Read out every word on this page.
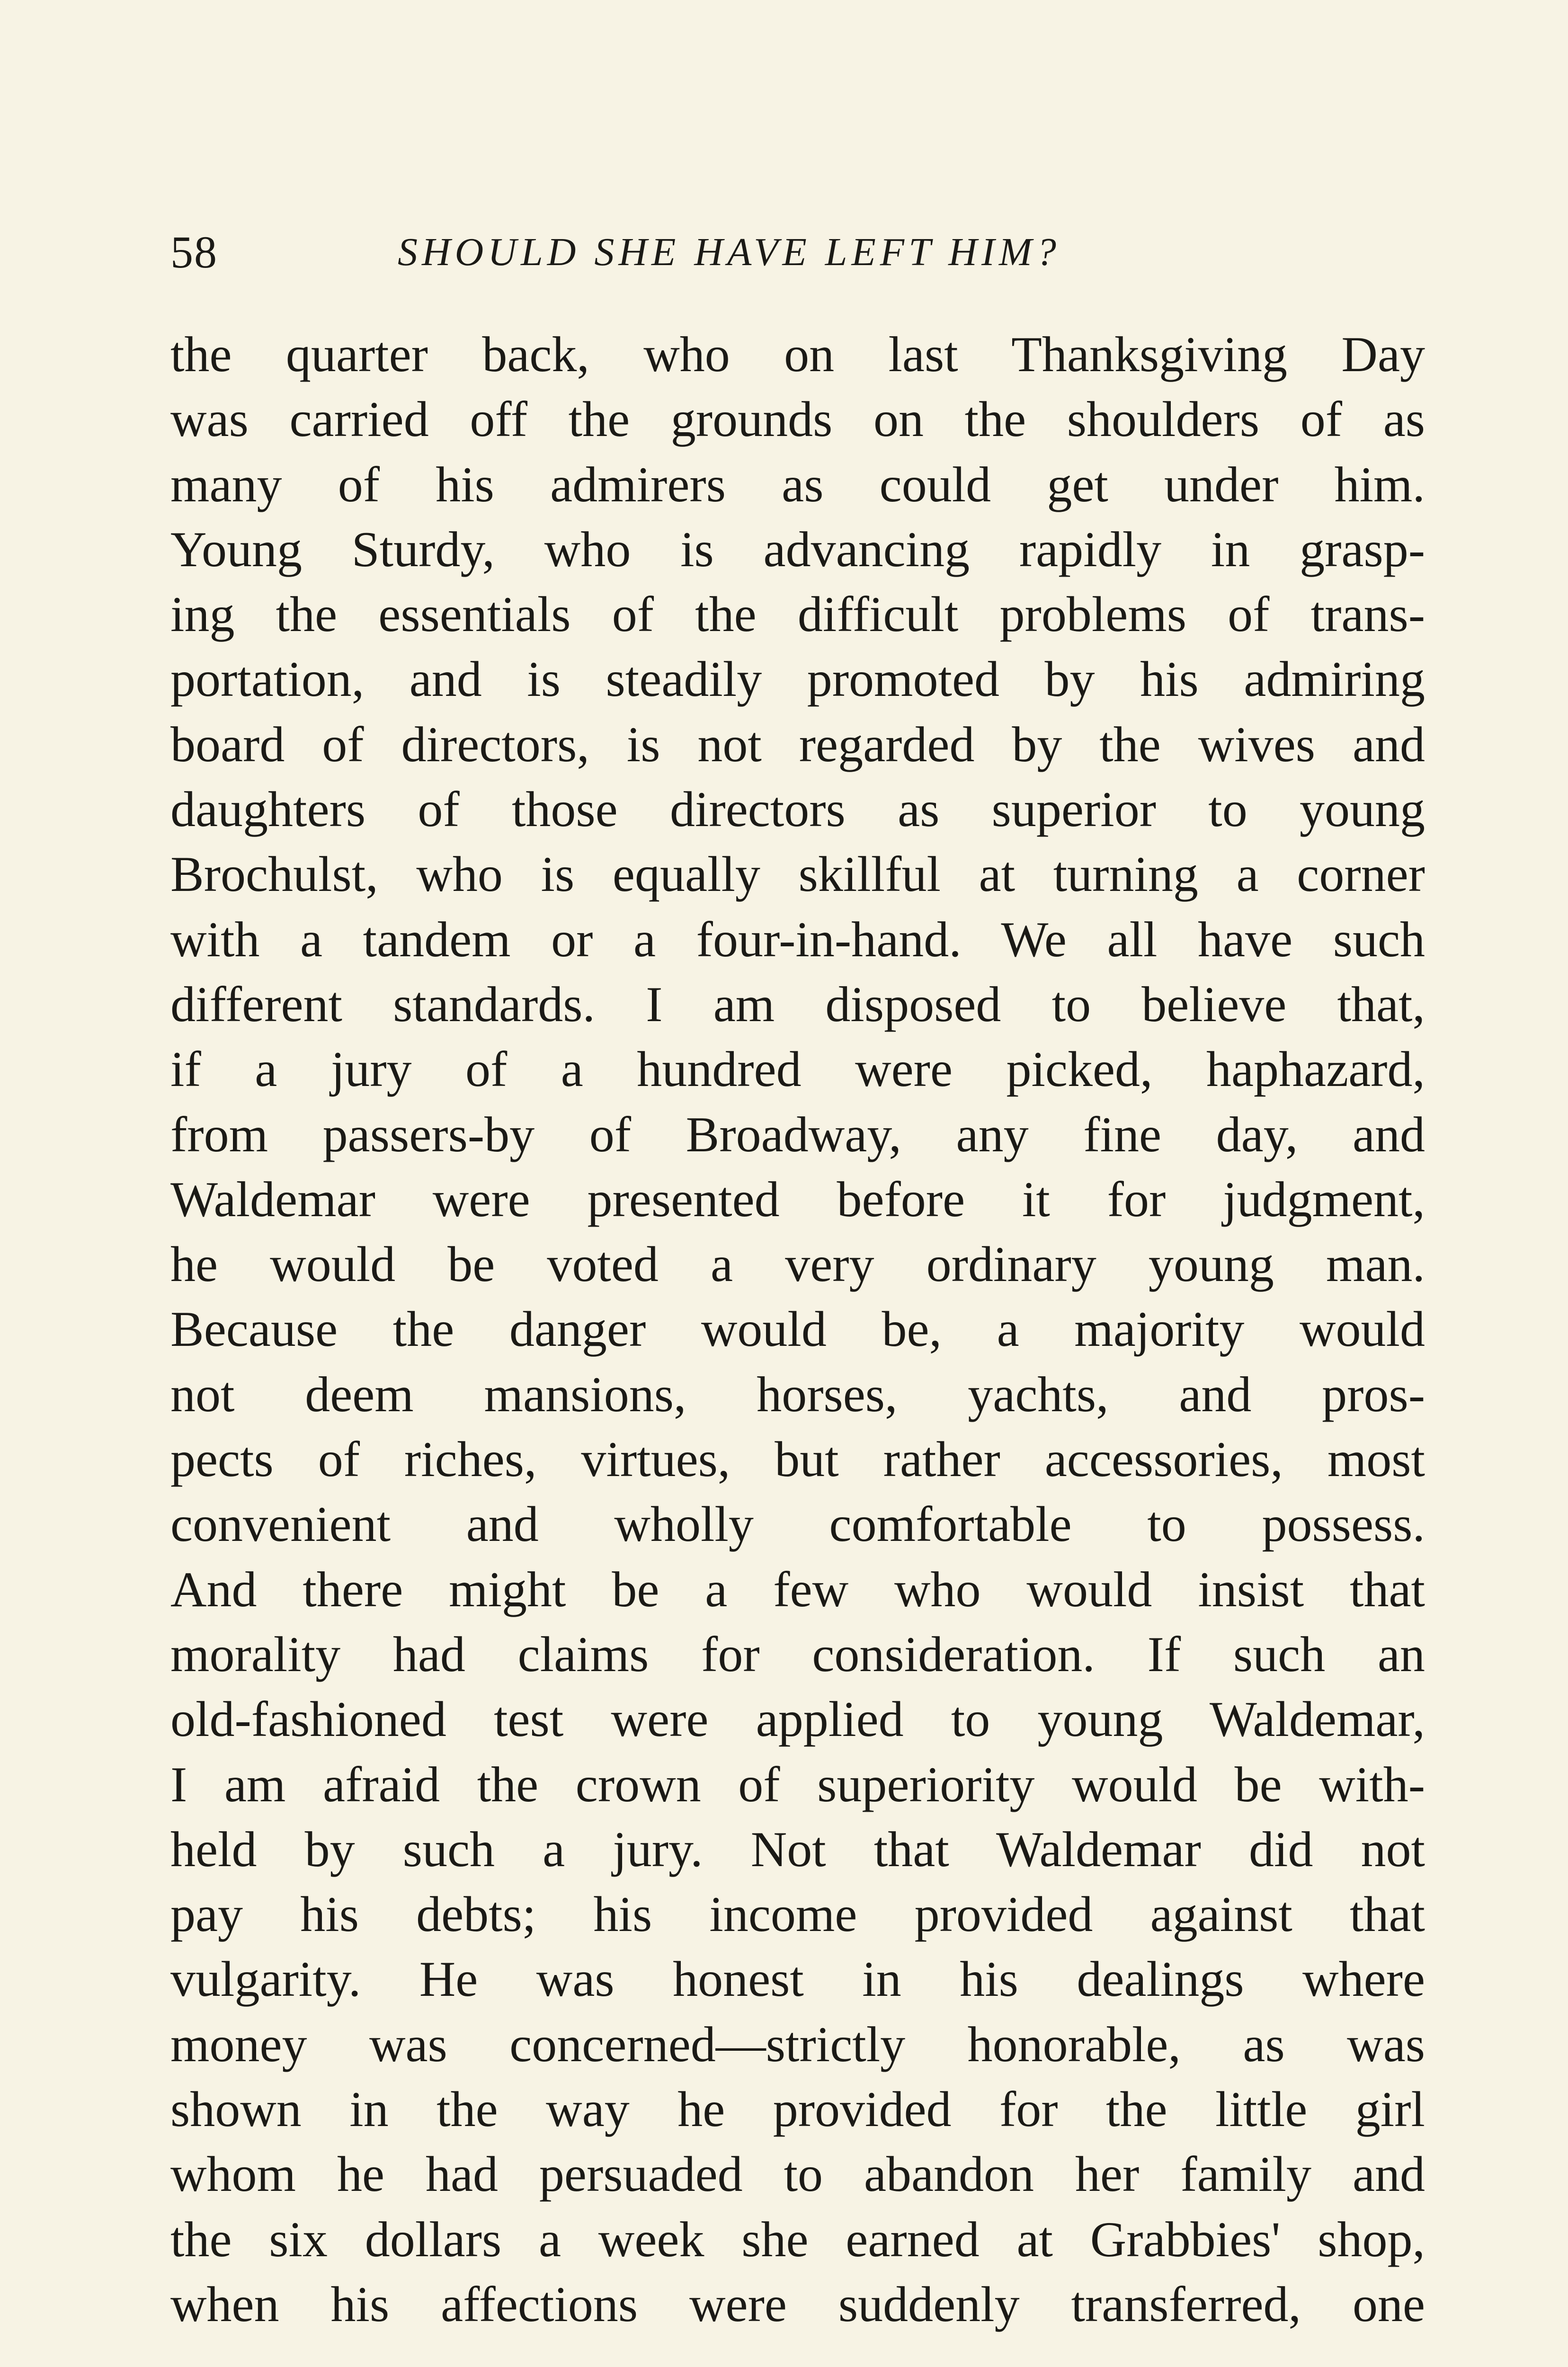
58	SHOULD SHE HAVE LEFT HIM?
the quarter back, who on last Thanksgiving Day
was carried off the grounds on the shoulders of as
many of his admirers as could get under him.
Young Sturdy, who is advancing rapidly in grasp-
ing the essentials of the difficult problems of trans-
portation, and is steadily promoted by his admiring
board of directors, is not regarded by the wives and
daughters of those directors as superior to young
Brochulst, who is equally skillful at turning a corner
with a tandem or a four-in-hand. We all have such
different standards. I am disposed to believe that,
if a jury of a hundred were picked, haphazard,
from passers-by of Broadway, any fine day, and
Waldemar were presented before it for judgment,
he would be voted a very ordinary young man.
Because the danger would be, a majority would
not deem mansions, horses, yachts, and pros-
pects of riches, virtues, but rather accessories, most
convenient and wholly comfortable to possess.
And there might be a few who would insist that
morality had claims for consideration. If such an
old-fashioned test were applied to young Waldemar,
I am afraid the crown of superiority would be with-
held by such a jury. Not that Waldemar did not
pay his debts; his income provided against that
vulgarity. He was honest in his dealings where
money was concerned—strictly honorable, as was
shown in the way he provided for the little girl
whom he had persuaded to abandon her family and
the six dollars a week she earned at Grabbies' shop,
when his affections were suddenly transferred, one
